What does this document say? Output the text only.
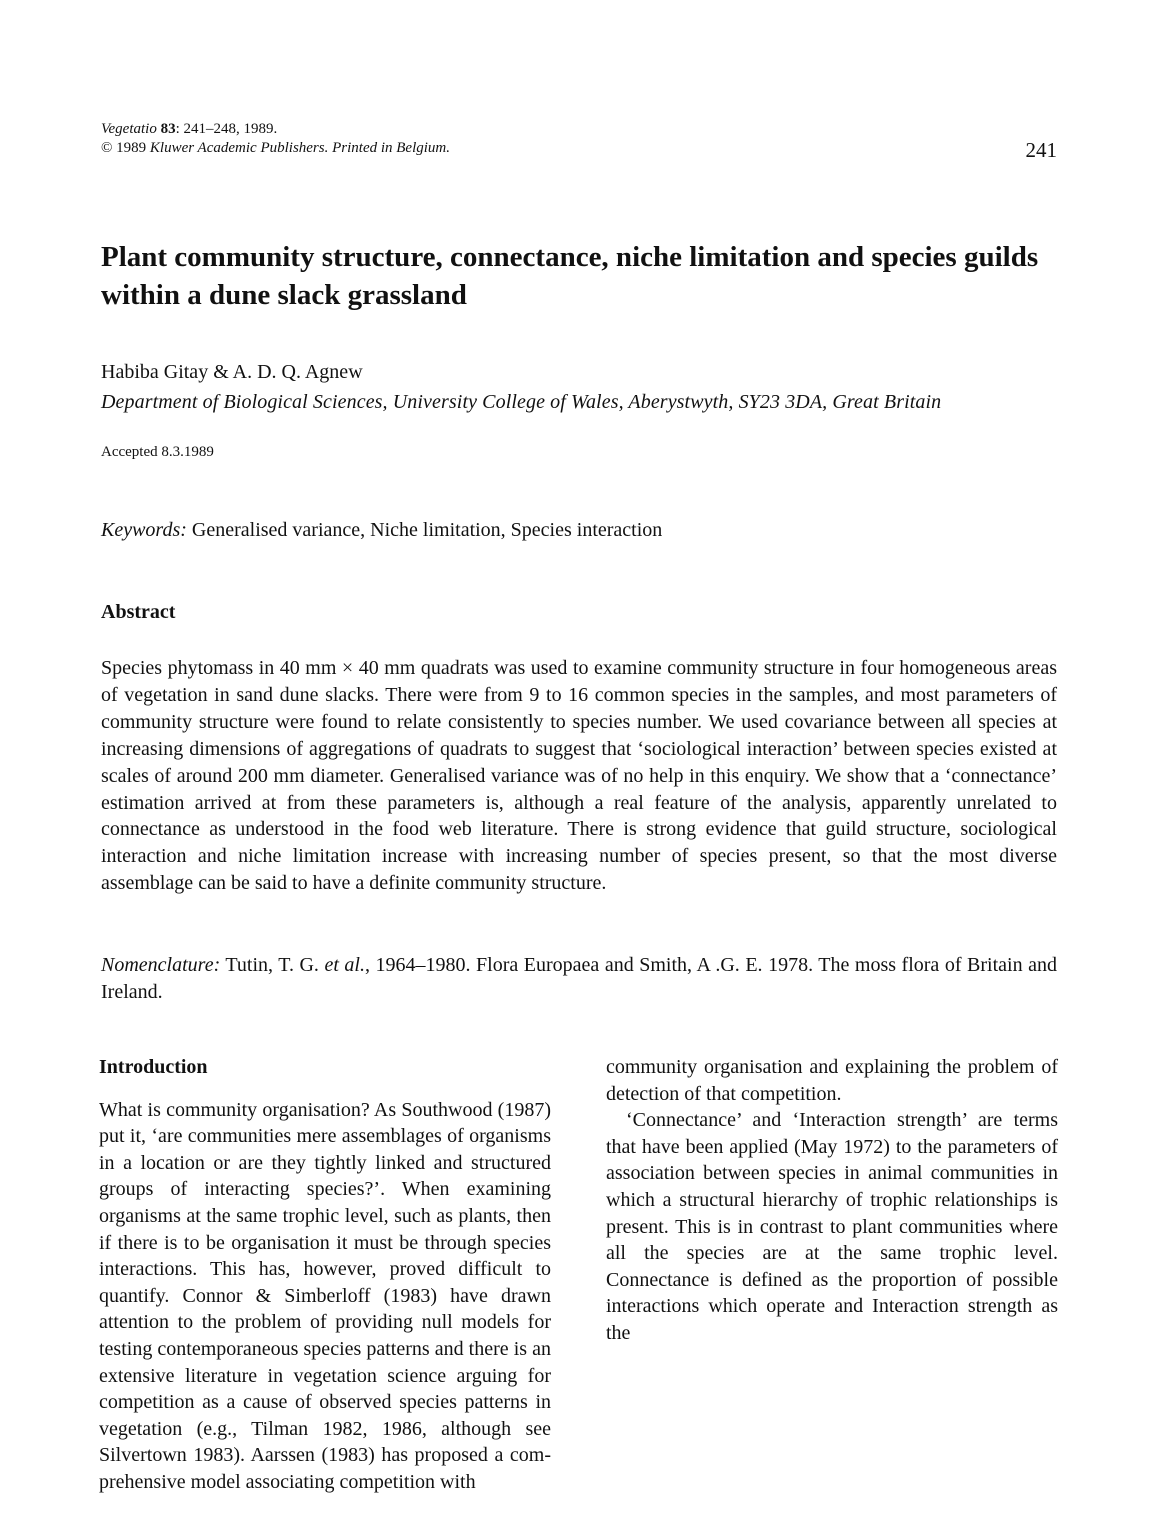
Vegetatio 83: 241–248, 1989.
© 1989 Kluwer Academic Publishers. Printed in Belgium.	241
Plant community structure, connectance, niche limitation and species guilds within a dune slack grassland
Habiba Gitay & A. D. Q. Agnew
Department of Biological Sciences, University College of Wales, Aberystwyth, SY23 3DA, Great Britain
Accepted 8.3.1989
Keywords: Generalised variance, Niche limitation, Species interaction
Abstract

Species phytomass in 40 mm × 40 mm quadrats was used to examine community structure in four homogeneous areas of vegetation in sand dune slacks. There were from 9 to 16 common species in the samples, and most parameters of community structure were found to relate consistently to species number. We used covariance between all species at increasing dimensions of aggregations of quadrats to suggest that ‘sociological interaction’ between species existed at scales of around 200 mm diameter. Generalised variance was of no help in this enquiry. We show that a ‘connectance’ estimation arrived at from these parameters is, although a real feature of the analysis, apparently unrelated to connectance as understood in the food web literature. There is strong evidence that guild structure, sociological interaction and niche limitation increase with increasing number of species present, so that the most diverse assemblage can be said to have a definite community structure.

Nomenclature: Tutin, T. G. et al., 1964–1980. Flora Europaea and Smith, A .G. E. 1978. The moss flora of Britain and Ireland.

Introduction

What is community organisation? As Southwood (1987) put it, ‘are communities mere assemblages of organisms in a location or are they tightly linked and structured groups of interacting species?’. When examining organisms at the same trophic level, such as plants, then if there is to be organisation it must be through species interactions. This has, however, proved difficult to quantify. Connor & Simberloff (1983) have drawn attention to the problem of providing null models for testing contemporaneous species patterns and there is an extensive literature in vegetation science arguing for competition as a cause of observed species patterns in vegetation (e.g., Tilman 1982, 1986, although see Silvertown 1983). Aarssen (1983) has proposed a comprehensive model associating competition with

community organisation and explaining the problem of detection of that competition.

‘Connectance’ and ‘Interaction strength’ are terms that have been applied (May 1972) to the parameters of association between species in animal communities in which a structural hierarchy of trophic relationships is present. This is in contrast to plant communities where all the species are at the same trophic level. Connectance is defined as the proportion of possible interactions which operate and Interaction strength as the
